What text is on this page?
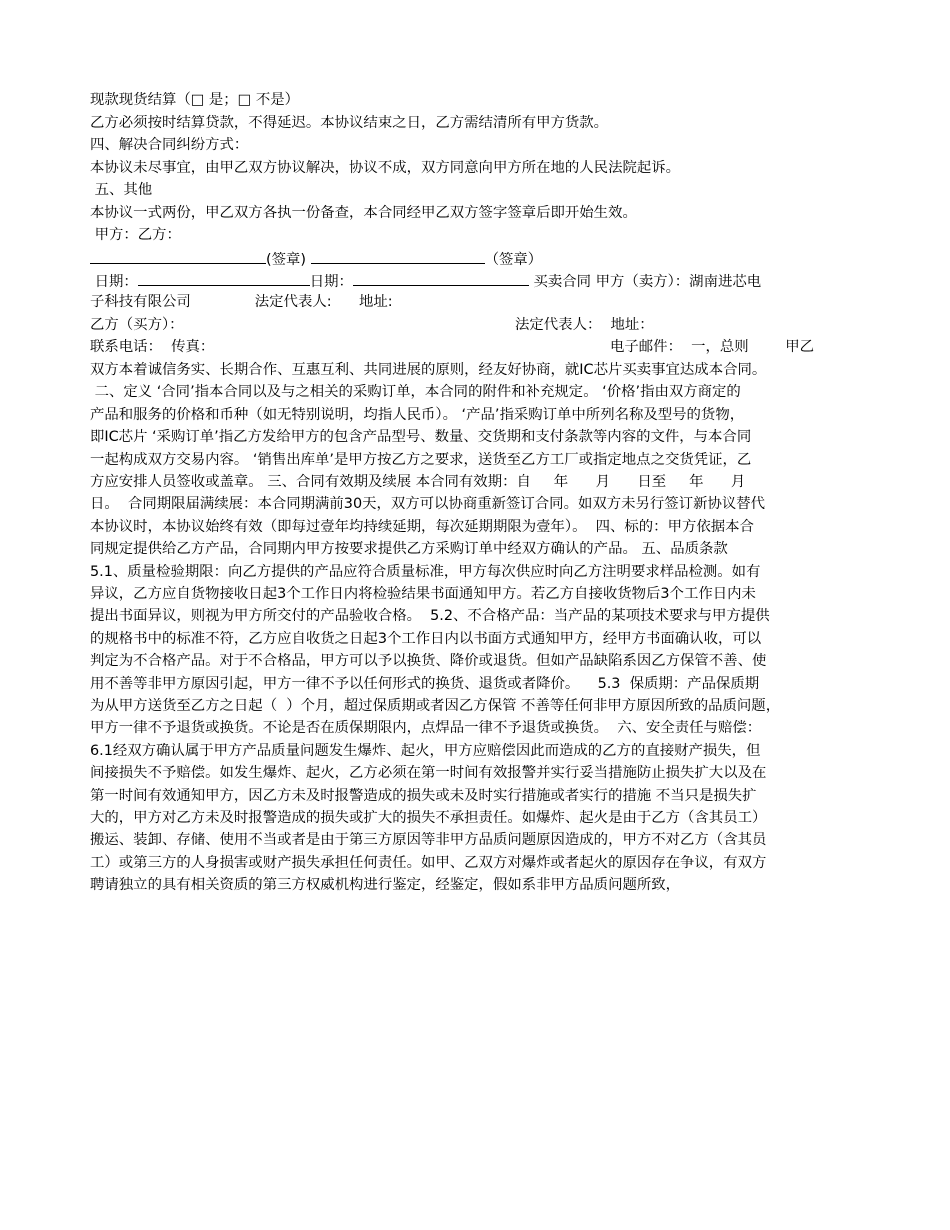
现款现货结算（□ 是；□ 不是）
乙方必须按时结算贷款，不得延迟。本协议结束之日，乙方需结清所有甲方货款。
四、解决合同纠纷方式：
本协议未尽事宜，由甲乙双方协议解决，协议不成，双方同意向甲方所在地的人民法院起诉。
五、其他
本协议一式两份，甲乙双方各执一份备查，本合同经甲乙双方签字签章后即开始生效。
甲方：乙方：
(签章)	（签章）
日期：	日期：	买卖合同 甲方（卖方）：湖南进芯电
子科技有限公司              法定代表人:      地址:
乙方（买方）：	法定代表人：  地址：
联系电话：  传真：	电子邮件：  一，总则        甲乙
双方本着诚信务实、长期合作、互惠互利、共同进展的原则，经友好协商，就IC芯片买卖事宜达成本合同。
二、定义 ‘合同’指本合同以及与之相关的采购订单，本合同的附件和补充规定。 ‘价格’指由双方商定的
产品和服务的价格和币种（如无特别说明，均指人民币）。 ‘产品’指采购订单中所列名称及型号的货物，
即IC芯片 ‘采购订单’指乙方发给甲方的包含产品型号、数量、交货期和支付条款等内容的文件，与本合同
一起构成双方交易内容。 ‘销售出库单’是甲方按乙方之要求，送货至乙方工厂或指定地点之交货凭证，乙
方应安排人员签收或盖章。 三、合同有效期及续展 本合同有效期：自     年      月      日至     年      月
日。  合同期限届满续展：本合同期满前30天，双方可以协商重新签订合同。如双方未另行签订新协议替代
本协议时，本协议始终有效（即每过壹年均持续延期，每次延期期限为壹年）。  四、标的：甲方依据本合
同规定提供给乙方产品，合同期内甲方按要求提供乙方采购订单中经双方确认的产品。 五、品质条款
5.1、质量检验期限：向乙方提供的产品应符合质量标准，甲方每次供应时向乙方注明要求样品检测。如有
异议，乙方应自货物接收日起3个工作日内将检验结果书面通知甲方。若乙方自接收货物后3个工作日内未
提出书面异议，则视为甲方所交付的产品验收合格。  5.2、不合格产品：当产品的某项技术要求与甲方提供
的规格书中的标准不符，乙方应自收货之日起3个工作日内以书面方式通知甲方，经甲方书面确认收，可以
判定为不合格产品。对于不合格品，甲方可以予以换货、降价或退货。但如产品缺陷系因乙方保管不善、使
用不善等非甲方原因引起，甲方一律不予以任何形式的换货、退货或者降价。    5.3  保质期：产品保质期
为从甲方送货至乙方之日起（  ）个月，超过保质期或者因乙方保管 不善等任何非甲方原因所致的品质问题，
甲方一律不予退货或换货。不论是否在质保期限内，点焊品一律不予退货或换货。  六、安全责任与赔偿：
6.1经双方确认属于甲方产品质量问题发生爆炸、起火，甲方应赔偿因此而造成的乙方的直接财产损失，但
间接损失不予赔偿。如发生爆炸、起火，乙方必须在第一时间有效报警并实行妥当措施防止损失扩大以及在
第一时间有效通知甲方，因乙方未及时报警造成的损失或未及时实行措施或者实行的措施 不当只是损失扩
大的，甲方对乙方未及时报警造成的损失或扩大的损失不承担责任。如爆炸、起火是由于乙方（含其员工）
搬运、装卸、存储、使用不当或者是由于第三方原因等非甲方品质问题原因造成的，甲方不对乙方（含其员
工）或第三方的人身损害或财产损失承担任何责任。如甲、乙双方对爆炸或者起火的原因存在争议，有双方
聘请独立的具有相关资质的第三方权威机构进行鉴定，经鉴定，假如系非甲方品质问题所致，
